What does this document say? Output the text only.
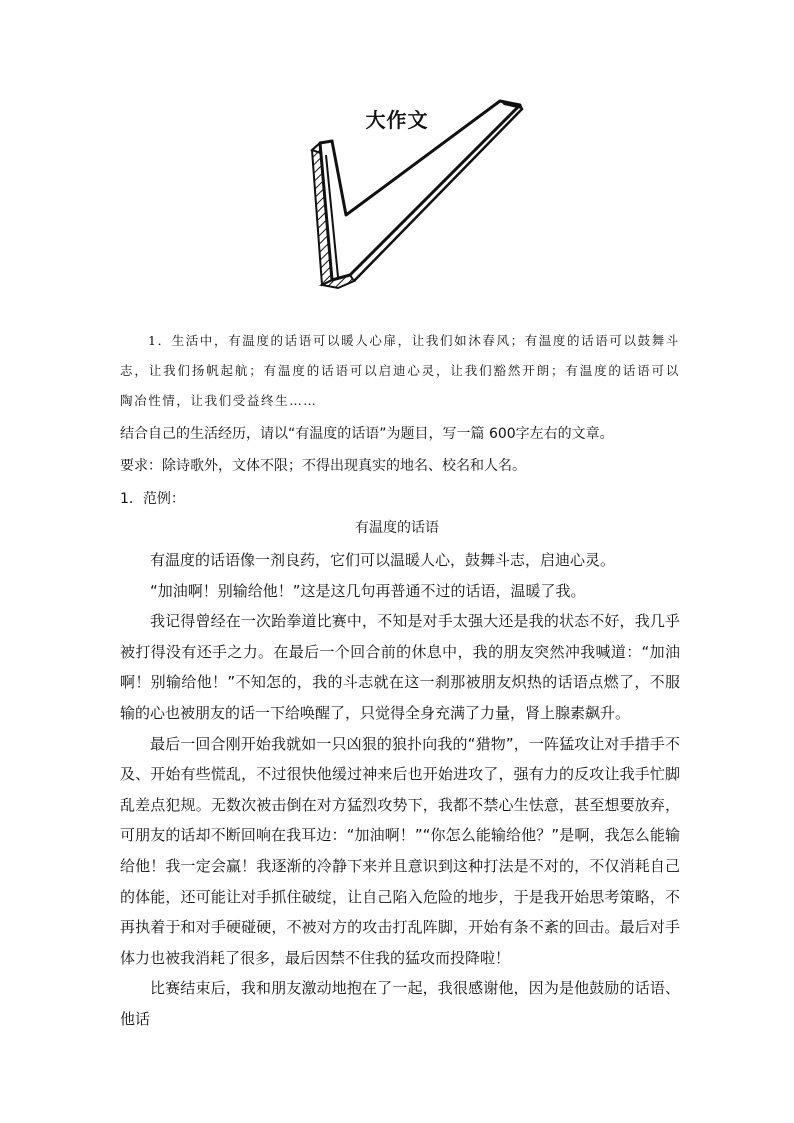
大作文

1．生活中，有温度的话语可以暖人心扉，让我们如沐春风；有温度的话语可以鼓舞斗志，让我们扬帆起航；有温度的话语可以启迪心灵，让我们豁然开朗；有温度的话语可以陶冶性情，让我们受益终生……

结合自己的生活经历，请以“有温度的话语”为题目，写一篇 600字左右的文章。

要求：除诗歌外，文体不限；不得出现真实的地名、校名和人名。

1．范例：

有温度的话语

有温度的话语像一剂良药，它们可以温暖人心，鼓舞斗志，启迪心灵。

“加油啊！别输给他！”这是这几句再普通不过的话语，温暖了我。

我记得曾经在一次跆拳道比赛中，不知是对手太强大还是我的状态不好，我几乎被打得没有还手之力。在最后一个回合前的休息中，我的朋友突然冲我喊道：“加油啊！别输给他！”不知怎的，我的斗志就在这一刹那被朋友炽热的话语点燃了，不服输的心也被朋友的话一下给唤醒了，只觉得全身充满了力量，肾上腺素飙升。

最后一回合刚开始我就如一只凶狠的狼扑向我的“猎物”，一阵猛攻让对手措手不及、开始有些慌乱，不过很快他缓过神来后也开始进攻了，强有力的反攻让我手忙脚乱差点犯规。无数次被击倒在对方猛烈攻势下，我都不禁心生怯意，甚至想要放弃，可朋友的话却不断回响在我耳边：“加油啊！”“你怎么能输给他？”是啊，我怎么能输给他！我一定会赢！我逐渐的冷静下来并且意识到这种打法是不对的，不仅消耗自己的体能，还可能让对手抓住破绽，让自己陷入危险的地步，于是我开始思考策略，不再执着于和对手硬碰硬，不被对方的攻击打乱阵脚，开始有条不紊的回击。最后对手体力也被我消耗了很多，最后因禁不住我的猛攻而投降啦！

比赛结束后，我和朋友激动地抱在了一起，我很感谢他，因为是他鼓励的话语、他话
